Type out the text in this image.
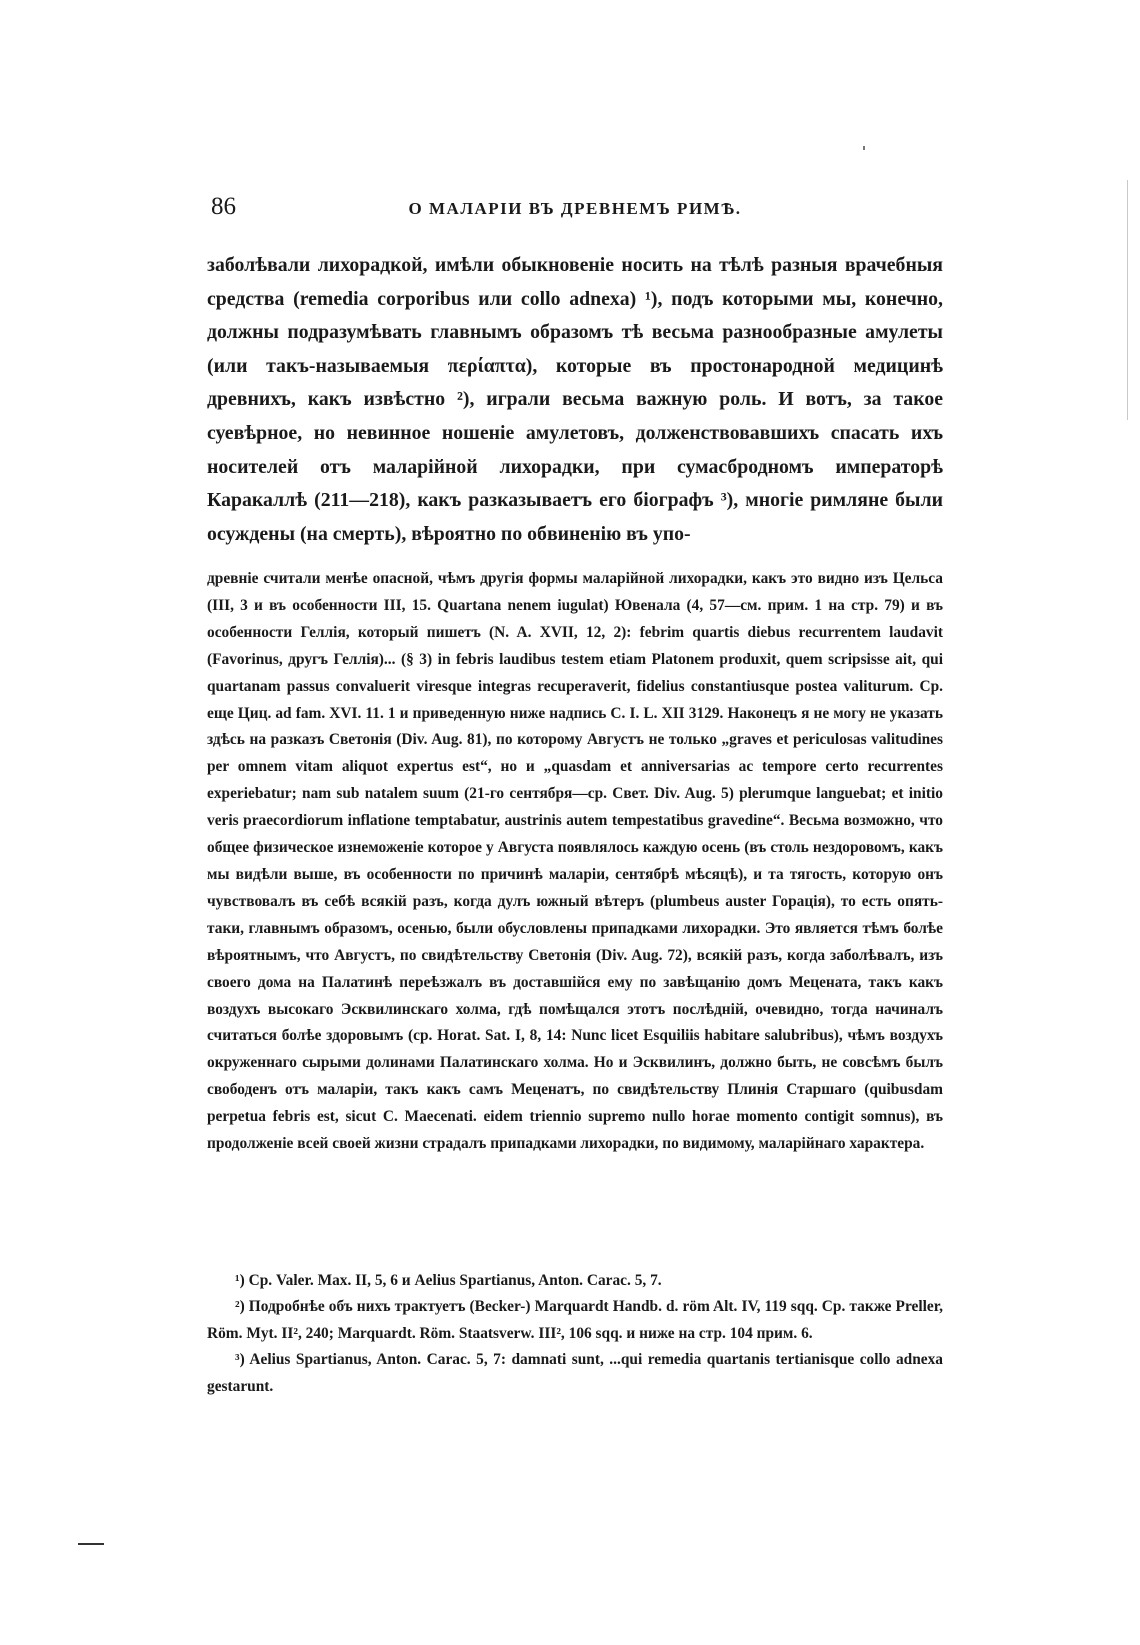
86	О МАЛАРІИ ВЪ ДРЕВНЕМЪ РИМѢ.

заболѣвали лихорадкой, имѣли обыкновеніе носить на тѣлѣ разныя врачебныя средства (remedia corporibus или collo adnexa) ¹), подъ которыми мы, конечно, должны подразумѣвать главнымъ образомъ тѣ весьма разнообразные амулеты (или такъ-называемыя περίαπτα), которые въ простонародной медицинѣ древнихъ, какъ извѣстно ²), играли весьма важную роль. И вотъ, за такое суевѣрное, но невинное ношеніе амулетовъ, долженствовавшихъ спасать ихъ носителей отъ маларійной лихорадки, при сумасбродномъ императорѣ Каракаллѣ (211—218), какъ разказываетъ его біографъ ³), многіе римляне были осуждены (на смерть), вѣроятно по обвиненію въ упо-

древніе считали менѣе опасной, чѣмъ другія формы маларійной лихорадки, какъ это видно изъ Цельса (III, 3 и въ особенности III, 15. Quartana nenem iugulat) Ювенала (4, 57—см. прим. 1 на стр. 79) и въ особенности Геллія, который пишетъ (N. A. XVII, 12, 2): febrim quartis diebus recurrentem laudavit (Favorinus, другъ Геллія)... (§ 3) in febris laudibus testem etiam Platonem produxit, quem scripsisse ait, qui quartanam passus convaluerit viresque integras recuperaverit, fidelius constantiusque postea valiturum. Ср. еще Циц. ad fam. XVI. 11. 1 и приведенную ниже надпись C. I. L. XII 3129. Наконецъ я не могу не указать здѣсь на разказъ Светонія (Div. Aug. 81), по которому Августъ не только „graves et periculosas valitudines per omnem vitam aliquot expertus est“, но и „quasdam et anniversarias ac tempore certo recurrentes experiebatur; nam sub natalem suum (21-го сентября—ср. Свет. Div. Aug. 5) plerumque languebat; et initio veris praecordiorum inflatione temptabatur, austrinis autem tempestatibus gravedine“. Весьма возможно, что общее физическое изнеможеніе которое у Августа появлялось каждую осень (въ столь нездоровомъ, какъ мы видѣли выше, въ особенности по причинѣ маларіи, сентябрѣ мѣсяцѣ), и та тягость, которую онъ чувствовалъ въ себѣ всякій разъ, когда дулъ южный вѣтеръ (plumbeus auster Горація), то есть опять-таки, главнымъ образомъ, осенью, были обусловлены припадками лихорадки. Это является тѣмъ болѣе вѣроятнымъ, что Августъ, по свидѣтельству Светонія (Div. Aug. 72), всякій разъ, когда заболѣвалъ, изъ своего дома на Палатинѣ переѣзжалъ въ доставшійся ему по завѣщанію домъ Мецената, такъ какъ воздухъ высокаго Эсквилинскаго холма, гдѣ помѣщался этотъ послѣдній, очевидно, тогда начиналъ считаться болѣе здоровымъ (ср. Horat. Sat. I, 8, 14: Nunc licet Esquiliis habitare salubribus), чѣмъ воздухъ окруженнаго сырыми долинами Палатинскаго холма. Но и Эсквилинъ, должно быть, не совсѣмъ былъ свободенъ отъ маларіи, такъ какъ самъ Меценатъ, по свидѣтельству Плинія Старшаго (quibusdam perpetua febris est, sicut C. Maecenati. eidem triennio supremo nullo horae momento contigit somnus), въ продолженіе всей своей жизни страдалъ припадками лихорадки, по видимому, маларійнаго характера.

¹) Ср. Valer. Max. II, 5, 6 и Aelius Spartianus, Anton. Carac. 5, 7.

²) Подробнѣе объ нихъ трактуетъ (Becker-) Marquardt Handb. d. röm Alt. IV, 119 sqq. Ср. также Preller, Röm. Myt. II², 240; Marquardt. Röm. Staatsverw. III², 106 sqq. и ниже на стр. 104 прим. 6.

³) Aelius Spartianus, Anton. Carac. 5, 7: damnati sunt, ...qui remedia quartanis tertianisque collo adnexa gestarunt.
